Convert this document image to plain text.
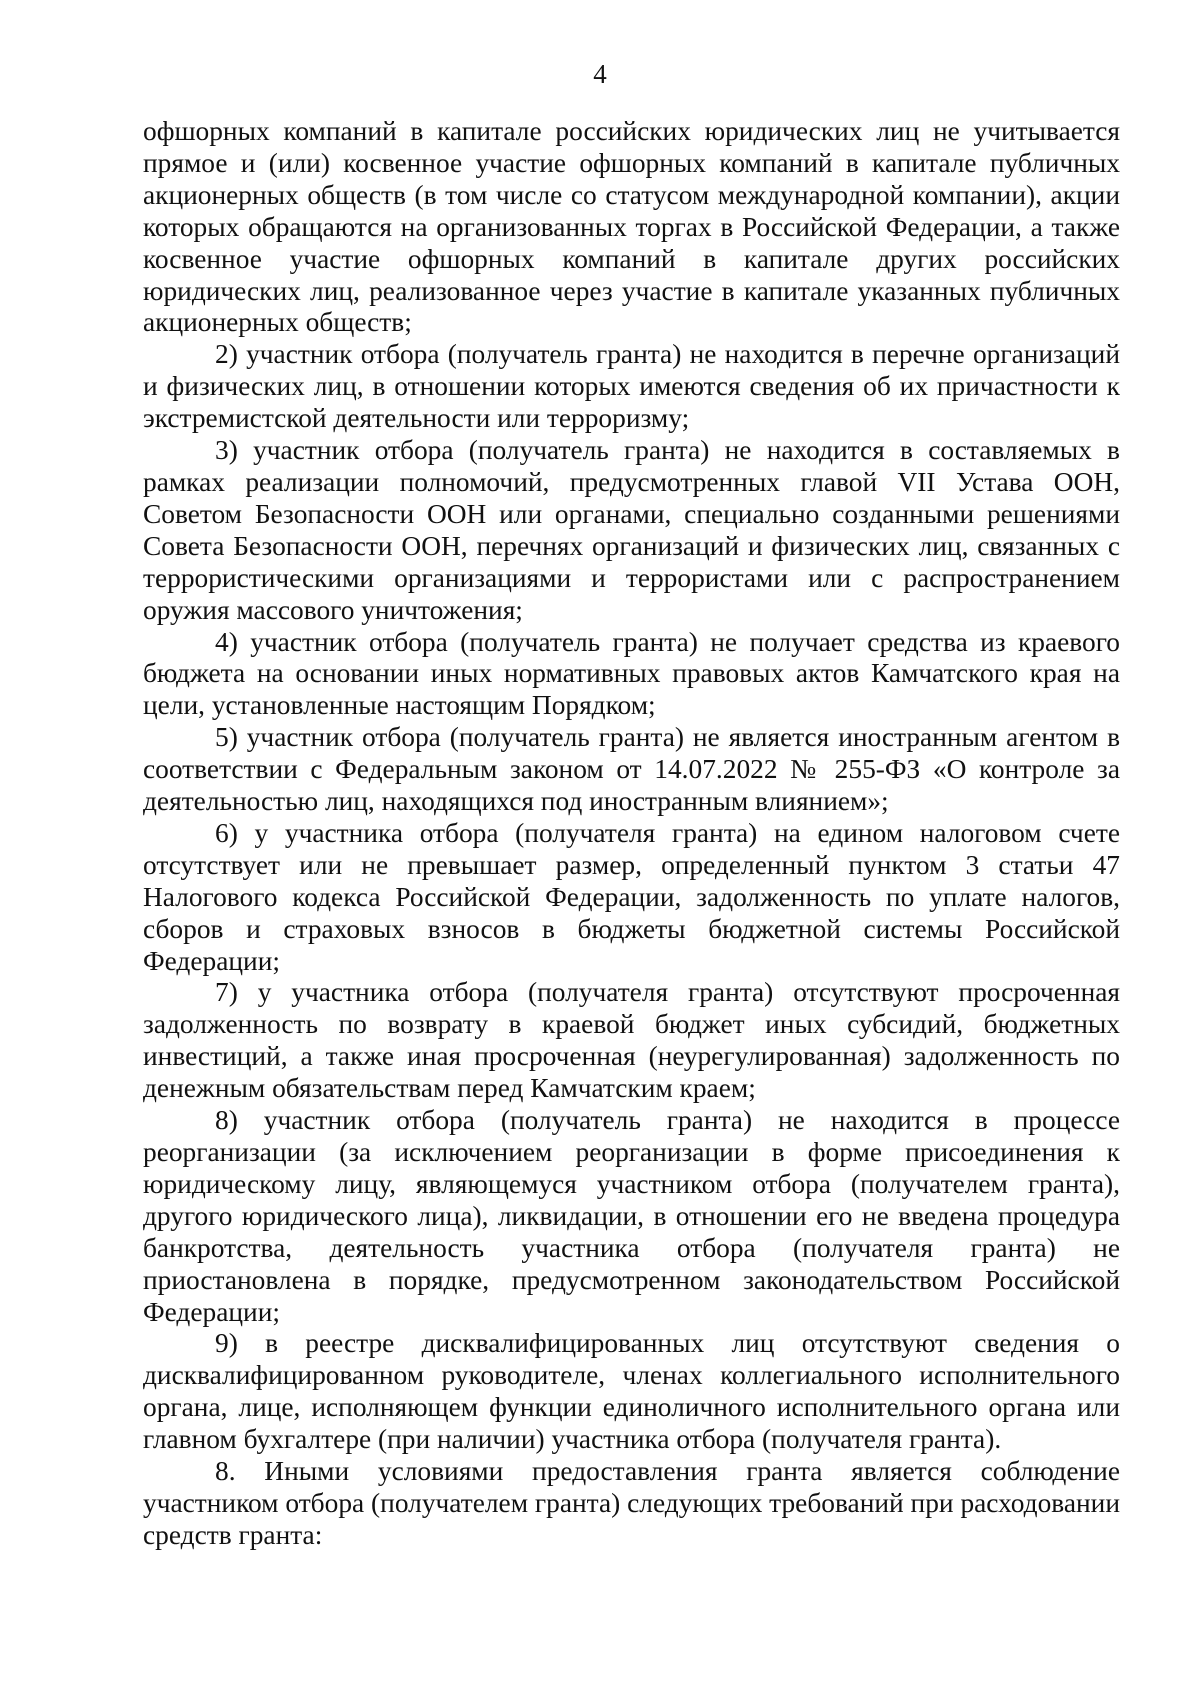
4

офшорных компаний в капитале российских юридических лиц не учитывается прямое и (или) косвенное участие офшорных компаний в капитале публичных акционерных обществ (в том числе со статусом международной компании), акции которых обращаются на организованных торгах в Российской Федерации, а также косвенное участие офшорных компаний в капитале других российских юридических лиц, реализованное через участие в капитале указанных публичных акционерных обществ;

2) участник отбора (получатель гранта) не находится в перечне организаций и физических лиц, в отношении которых имеются сведения об их причастности к экстремистской деятельности или терроризму;

3) участник отбора (получатель гранта) не находится в составляемых в рамках реализации полномочий, предусмотренных главой VII Устава ООН, Советом Безопасности ООН или органами, специально созданными решениями Совета Безопасности ООН, перечнях организаций и физических лиц, связанных с террористическими организациями и террористами или с распространением оружия массового уничтожения;

4) участник отбора (получатель гранта) не получает средства из краевого бюджета на основании иных нормативных правовых актов Камчатского края на цели, установленные настоящим Порядком;

5) участник отбора (получатель гранта) не является иностранным агентом в соответствии с Федеральным законом от 14.07.2022 № 255-ФЗ «О контроле за деятельностью лиц, находящихся под иностранным влиянием»;

6) у участника отбора (получателя гранта) на едином налоговом счете отсутствует или не превышает размер, определенный пунктом 3 статьи 47 Налогового кодекса Российской Федерации, задолженность по уплате налогов, сборов и страховых взносов в бюджеты бюджетной системы Российской Федерации;

7) у участника отбора (получателя гранта) отсутствуют просроченная задолженность по возврату в краевой бюджет иных субсидий, бюджетных инвестиций, а также иная просроченная (неурегулированная) задолженность по денежным обязательствам перед Камчатским краем;

8) участник отбора (получатель гранта) не находится в процессе реорганизации (за исключением реорганизации в форме присоединения к юридическому лицу, являющемуся участником отбора (получателем гранта), другого юридического лица), ликвидации, в отношении его не введена процедура банкротства, деятельность участника отбора (получателя гранта) не приостановлена в порядке, предусмотренном законодательством Российской Федерации;

9) в реестре дисквалифицированных лиц отсутствуют сведения о дисквалифицированном руководителе, членах коллегиального исполнительного органа, лице, исполняющем функции единоличного исполнительного органа или главном бухгалтере (при наличии) участника отбора (получателя гранта).

8. Иными условиями предоставления гранта является соблюдение участником отбора (получателем гранта) следующих требований при расходовании средств гранта:
